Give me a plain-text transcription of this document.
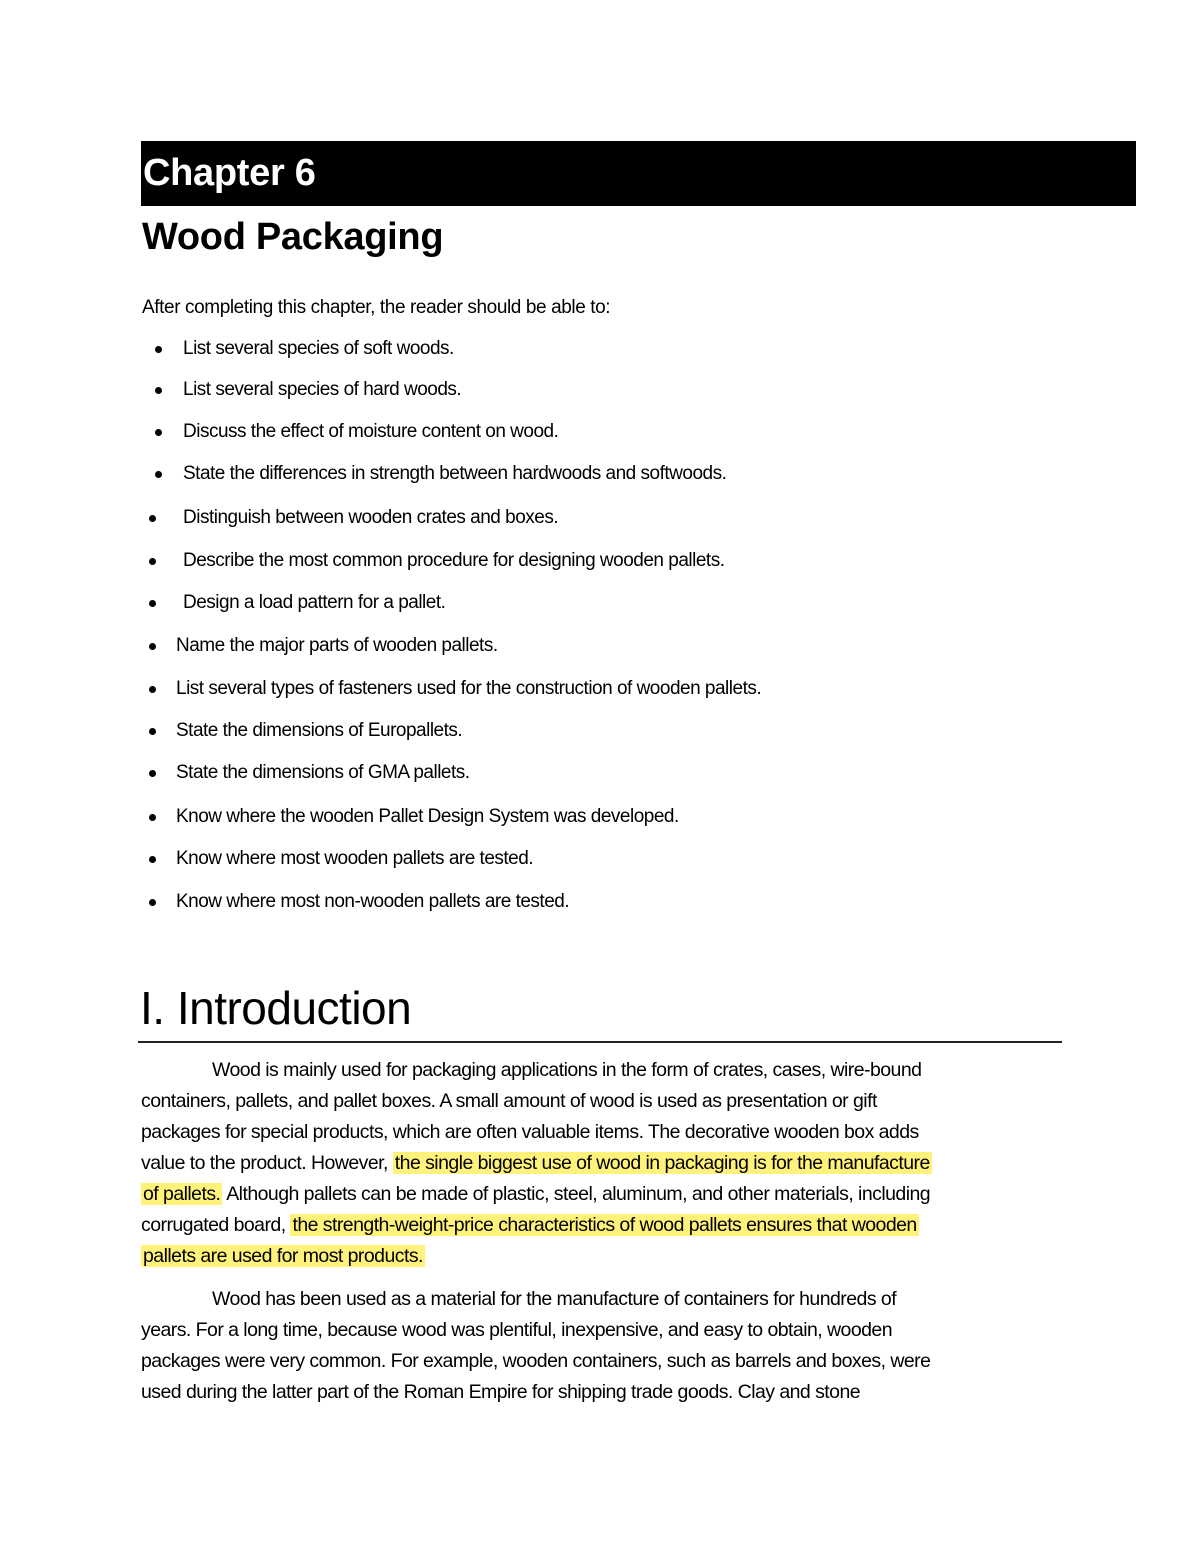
Chapter 6
Wood Packaging

After completing this chapter, the reader should be able to:

List several species of soft woods.
List several species of hard woods.
Discuss the effect of moisture content on wood.
State the differences in strength between hardwoods and softwoods.
Distinguish between wooden crates and boxes.
Describe the most common procedure for designing wooden pallets.
Design a load pattern for a pallet.
Name the major parts of wooden pallets.
List several types of fasteners used for the construction of wooden pallets.
State the dimensions of Europallets.
State the dimensions of GMA pallets.
Know where the wooden Pallet Design System was developed.
Know where most wooden pallets are tested.
Know where most non-wooden pallets are tested.
I. Introduction

Wood is mainly used for packaging applications in the form of crates, cases, wire-bound
containers, pallets, and pallet boxes. A small amount of wood is used as presentation or gift
packages for special products, which are often valuable items. The decorative wooden box adds
value to the product. However, the single biggest use of wood in packaging is for the manufacture
of pallets. Although pallets can be made of plastic, steel, aluminum, and other materials, including
corrugated board, the strength-weight-price characteristics of wood pallets ensures that wooden
pallets are used for most products.

Wood has been used as a material for the manufacture of containers for hundreds of
years. For a long time, because wood was plentiful, inexpensive, and easy to obtain, wooden
packages were very common. For example, wooden containers, such as barrels and boxes, were
used during the latter part of the Roman Empire for shipping trade goods. Clay and stone
